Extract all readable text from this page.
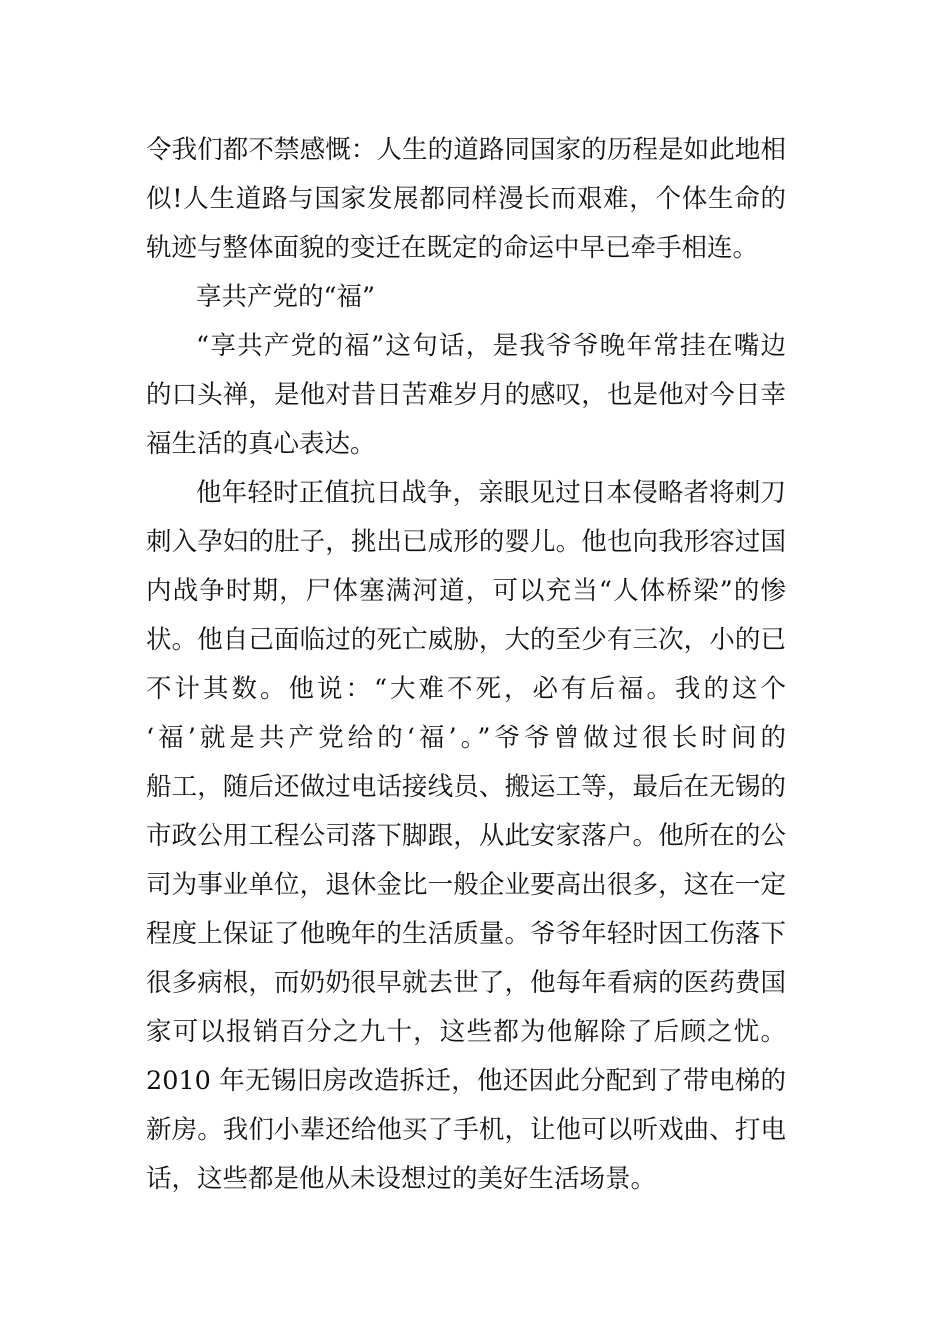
令我们都不禁感慨：人生的道路同国家的历程是如此地相
似!人生道路与国家发展都同样漫长而艰难，个体生命的
轨迹与整体面貌的变迁在既定的命运中早已牵手相连。
享共产党的“福”
“享共产党的福”这句话，是我爷爷晚年常挂在嘴边
的口头禅，是他对昔日苦难岁月的感叹，也是他对今日幸
福生活的真心表达。
他年轻时正值抗日战争，亲眼见过日本侵略者将刺刀
刺入孕妇的肚子，挑出已成形的婴儿。他也向我形容过国
内战争时期，尸体塞满河道，可以充当“人体桥梁”的惨
状。他自己面临过的死亡威胁，大的至少有三次，小的已
不计其数。他说：“大难不死，必有后福。我的这个
‘福’就是共产党给的‘福’。”爷爷曾做过很长时间的
船工，随后还做过电话接线员、搬运工等，最后在无锡的
市政公用工程公司落下脚跟，从此安家落户。他所在的公
司为事业单位，退休金比一般企业要高出很多，这在一定
程度上保证了他晚年的生活质量。爷爷年轻时因工伤落下
很多病根，而奶奶很早就去世了，他每年看病的医药费国
家可以报销百分之九十，这些都为他解除了后顾之忧。
2010 年无锡旧房改造拆迁，他还因此分配到了带电梯的
新房。我们小辈还给他买了手机，让他可以听戏曲、打电
话，这些都是他从未设想过的美好生活场景。
